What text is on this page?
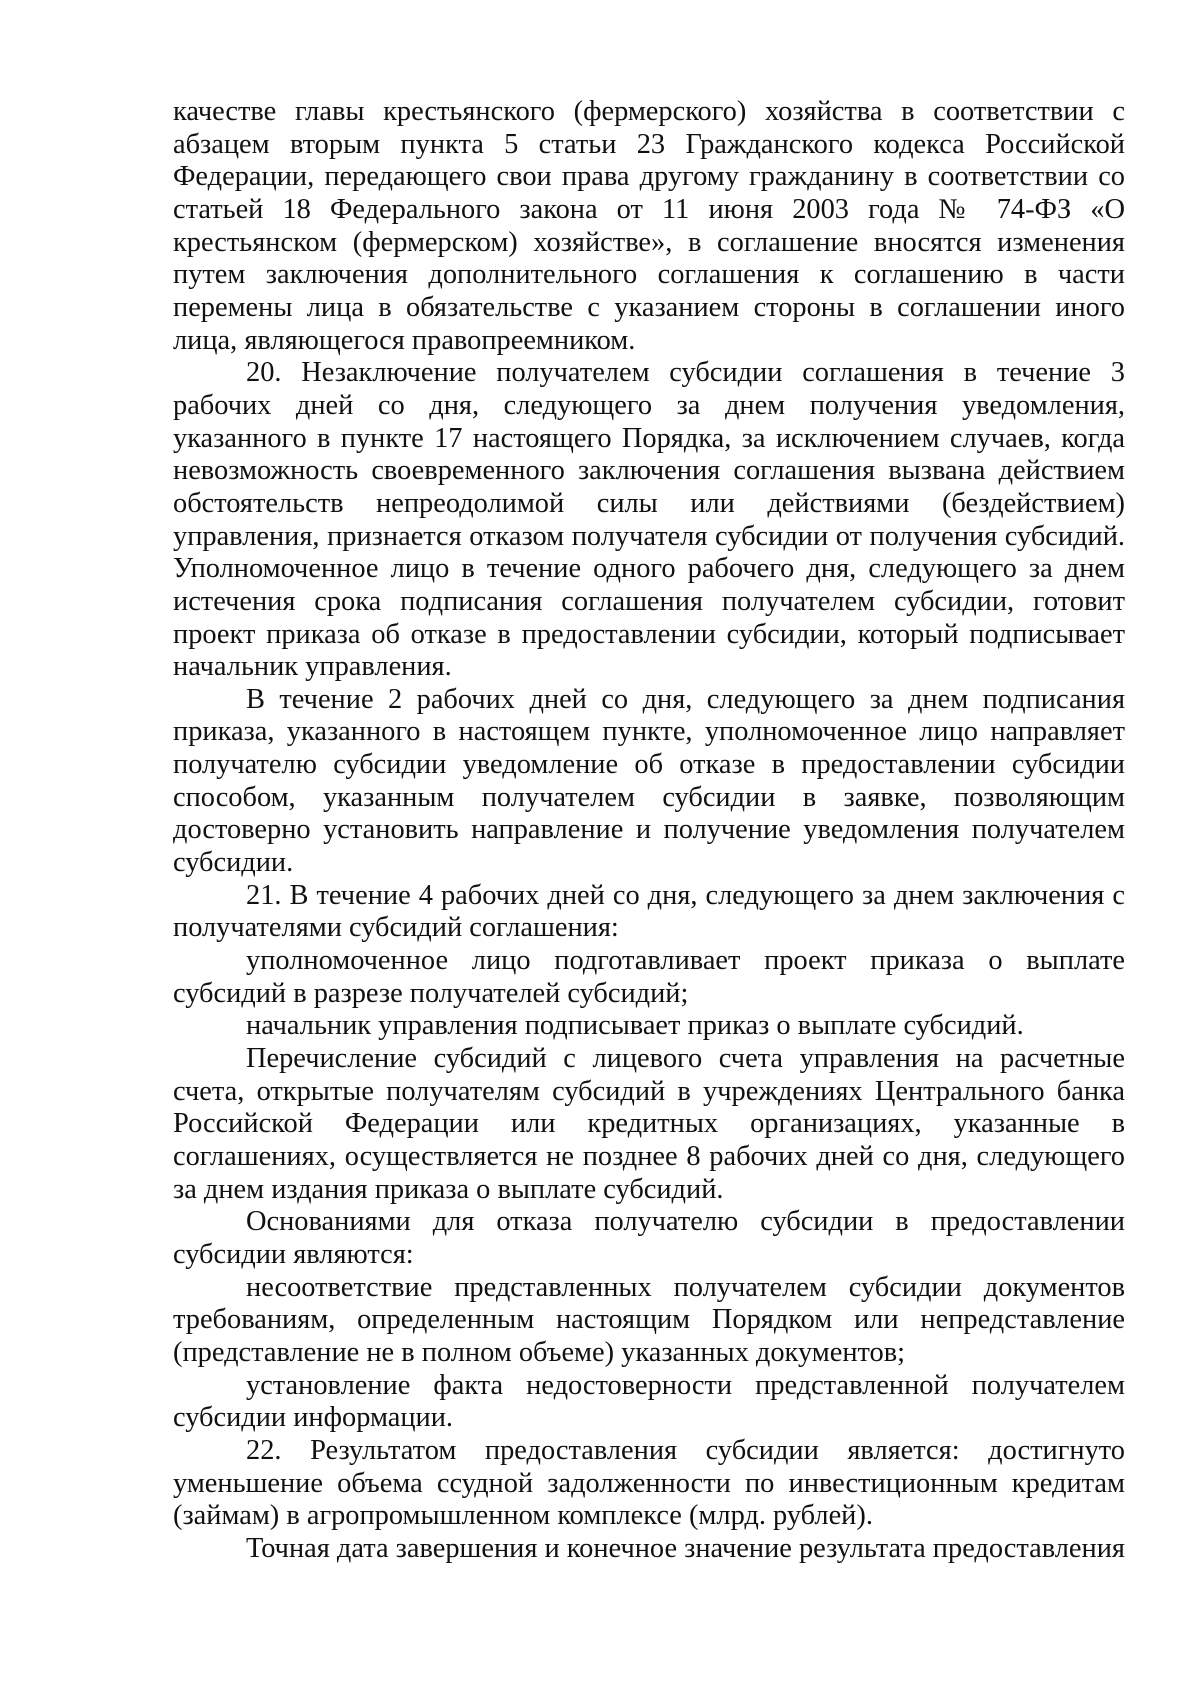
качестве главы крестьянского (фермерского) хозяйства в соответствии с абзацем вторым пункта 5 статьи 23 Гражданского кодекса Российской Федерации, передающего свои права другому гражданину в соответствии со статьей 18 Федерального закона от 11 июня 2003 года № 74-ФЗ «О крестьянском (фермерском) хозяйстве», в соглашение вносятся изменения путем заключения дополнительного соглашения к соглашению в части перемены лица в обязательстве с указанием стороны в соглашении иного лица, являющегося правопреемником.

20. Незаключение получателем субсидии соглашения в течение 3 рабочих дней со дня, следующего за днем получения уведомления, указанного в пункте 17 настоящего Порядка, за исключением случаев, когда невозможность своевременного заключения соглашения вызвана действием обстоятельств непреодолимой силы или действиями (бездействием) управления, признается отказом получателя субсидии от получения субсидий. Уполномоченное лицо в течение одного рабочего дня, следующего за днем истечения срока подписания соглашения получателем субсидии, готовит проект приказа об отказе в предоставлении субсидии, который подписывает начальник управления.

В течение 2 рабочих дней со дня, следующего за днем подписания приказа, указанного в настоящем пункте, уполномоченное лицо направляет получателю субсидии уведомление об отказе в предоставлении субсидии способом, указанным получателем субсидии в заявке, позволяющим достоверно установить направление и получение уведомления получателем субсидии.

21. В течение 4 рабочих дней со дня, следующего за днем заключения с получателями субсидий соглашения:

уполномоченное лицо подготавливает проект приказа о выплате субсидий в разрезе получателей субсидий;

начальник управления подписывает приказ о выплате субсидий.

Перечисление субсидий с лицевого счета управления на расчетные счета, открытые получателям субсидий в учреждениях Центрального банка Российской Федерации или кредитных организациях, указанные в соглашениях, осуществляется не позднее 8 рабочих дней со дня, следующего за днем издания приказа о выплате субсидий.

Основаниями для отказа получателю субсидии в предоставлении субсидии являются:

несоответствие представленных получателем субсидии документов требованиям, определенным настоящим Порядком или непредставление (представление не в полном объеме) указанных документов;

установление факта недостоверности представленной получателем субсидии информации.

22. Результатом предоставления субсидии является: достигнуто уменьшение объема ссудной задолженности по инвестиционным кредитам (займам) в агропромышленном комплексе (млрд. рублей).

Точная дата завершения и конечное значение результата предоставления
